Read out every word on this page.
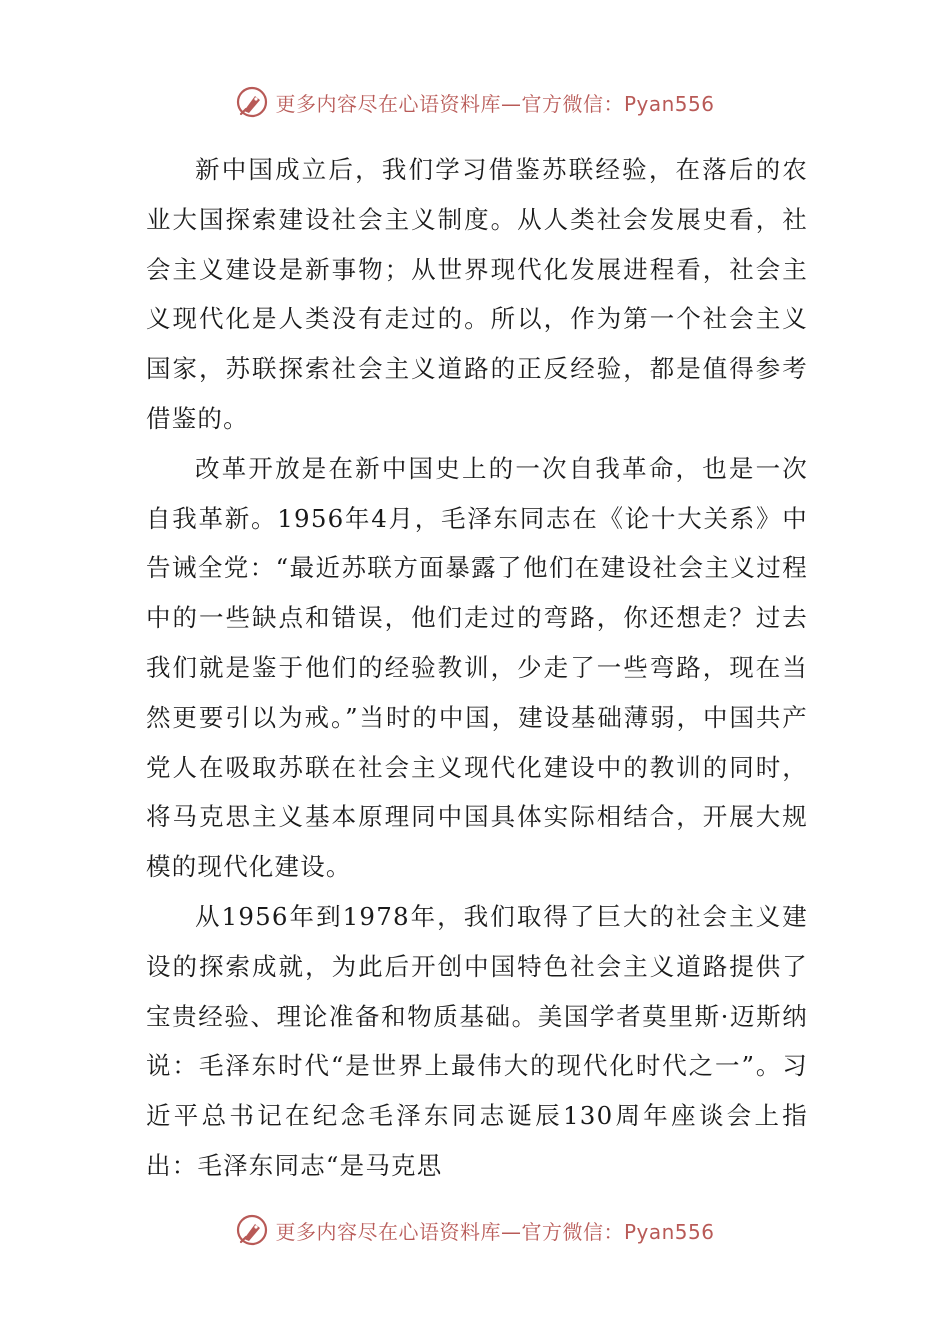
更多内容尽在心语资料库—官方微信：Pyan556

新中国成立后，我们学习借鉴苏联经验，在落后的农业大国探索建设社会主义制度。从人类社会发展史看，社会主义建设是新事物；从世界现代化发展进程看，社会主义现代化是人类没有走过的。所以，作为第一个社会主义国家，苏联探索社会主义道路的正反经验，都是值得参考借鉴的。

改革开放是在新中国史上的一次自我革命，也是一次自我革新。1956年4月，毛泽东同志在《论十大关系》中告诫全党：“最近苏联方面暴露了他们在建设社会主义过程中的一些缺点和错误，他们走过的弯路，你还想走？过去我们就是鉴于他们的经验教训，少走了一些弯路，现在当然更要引以为戒。”当时的中国，建设基础薄弱，中国共产党人在吸取苏联在社会主义现代化建设中的教训的同时，将马克思主义基本原理同中国具体实际相结合，开展大规模的现代化建设。

从1956年到1978年，我们取得了巨大的社会主义建设的探索成就，为此后开创中国特色社会主义道路提供了宝贵经验、理论准备和物质基础。美国学者莫里斯·迈斯纳说：毛泽东时代“是世界上最伟大的现代化时代之一”。习近平总书记在纪念毛泽东同志诞辰130周年座谈会上指出：毛泽东同志“是马克思

更多内容尽在心语资料库—官方微信：Pyan556
